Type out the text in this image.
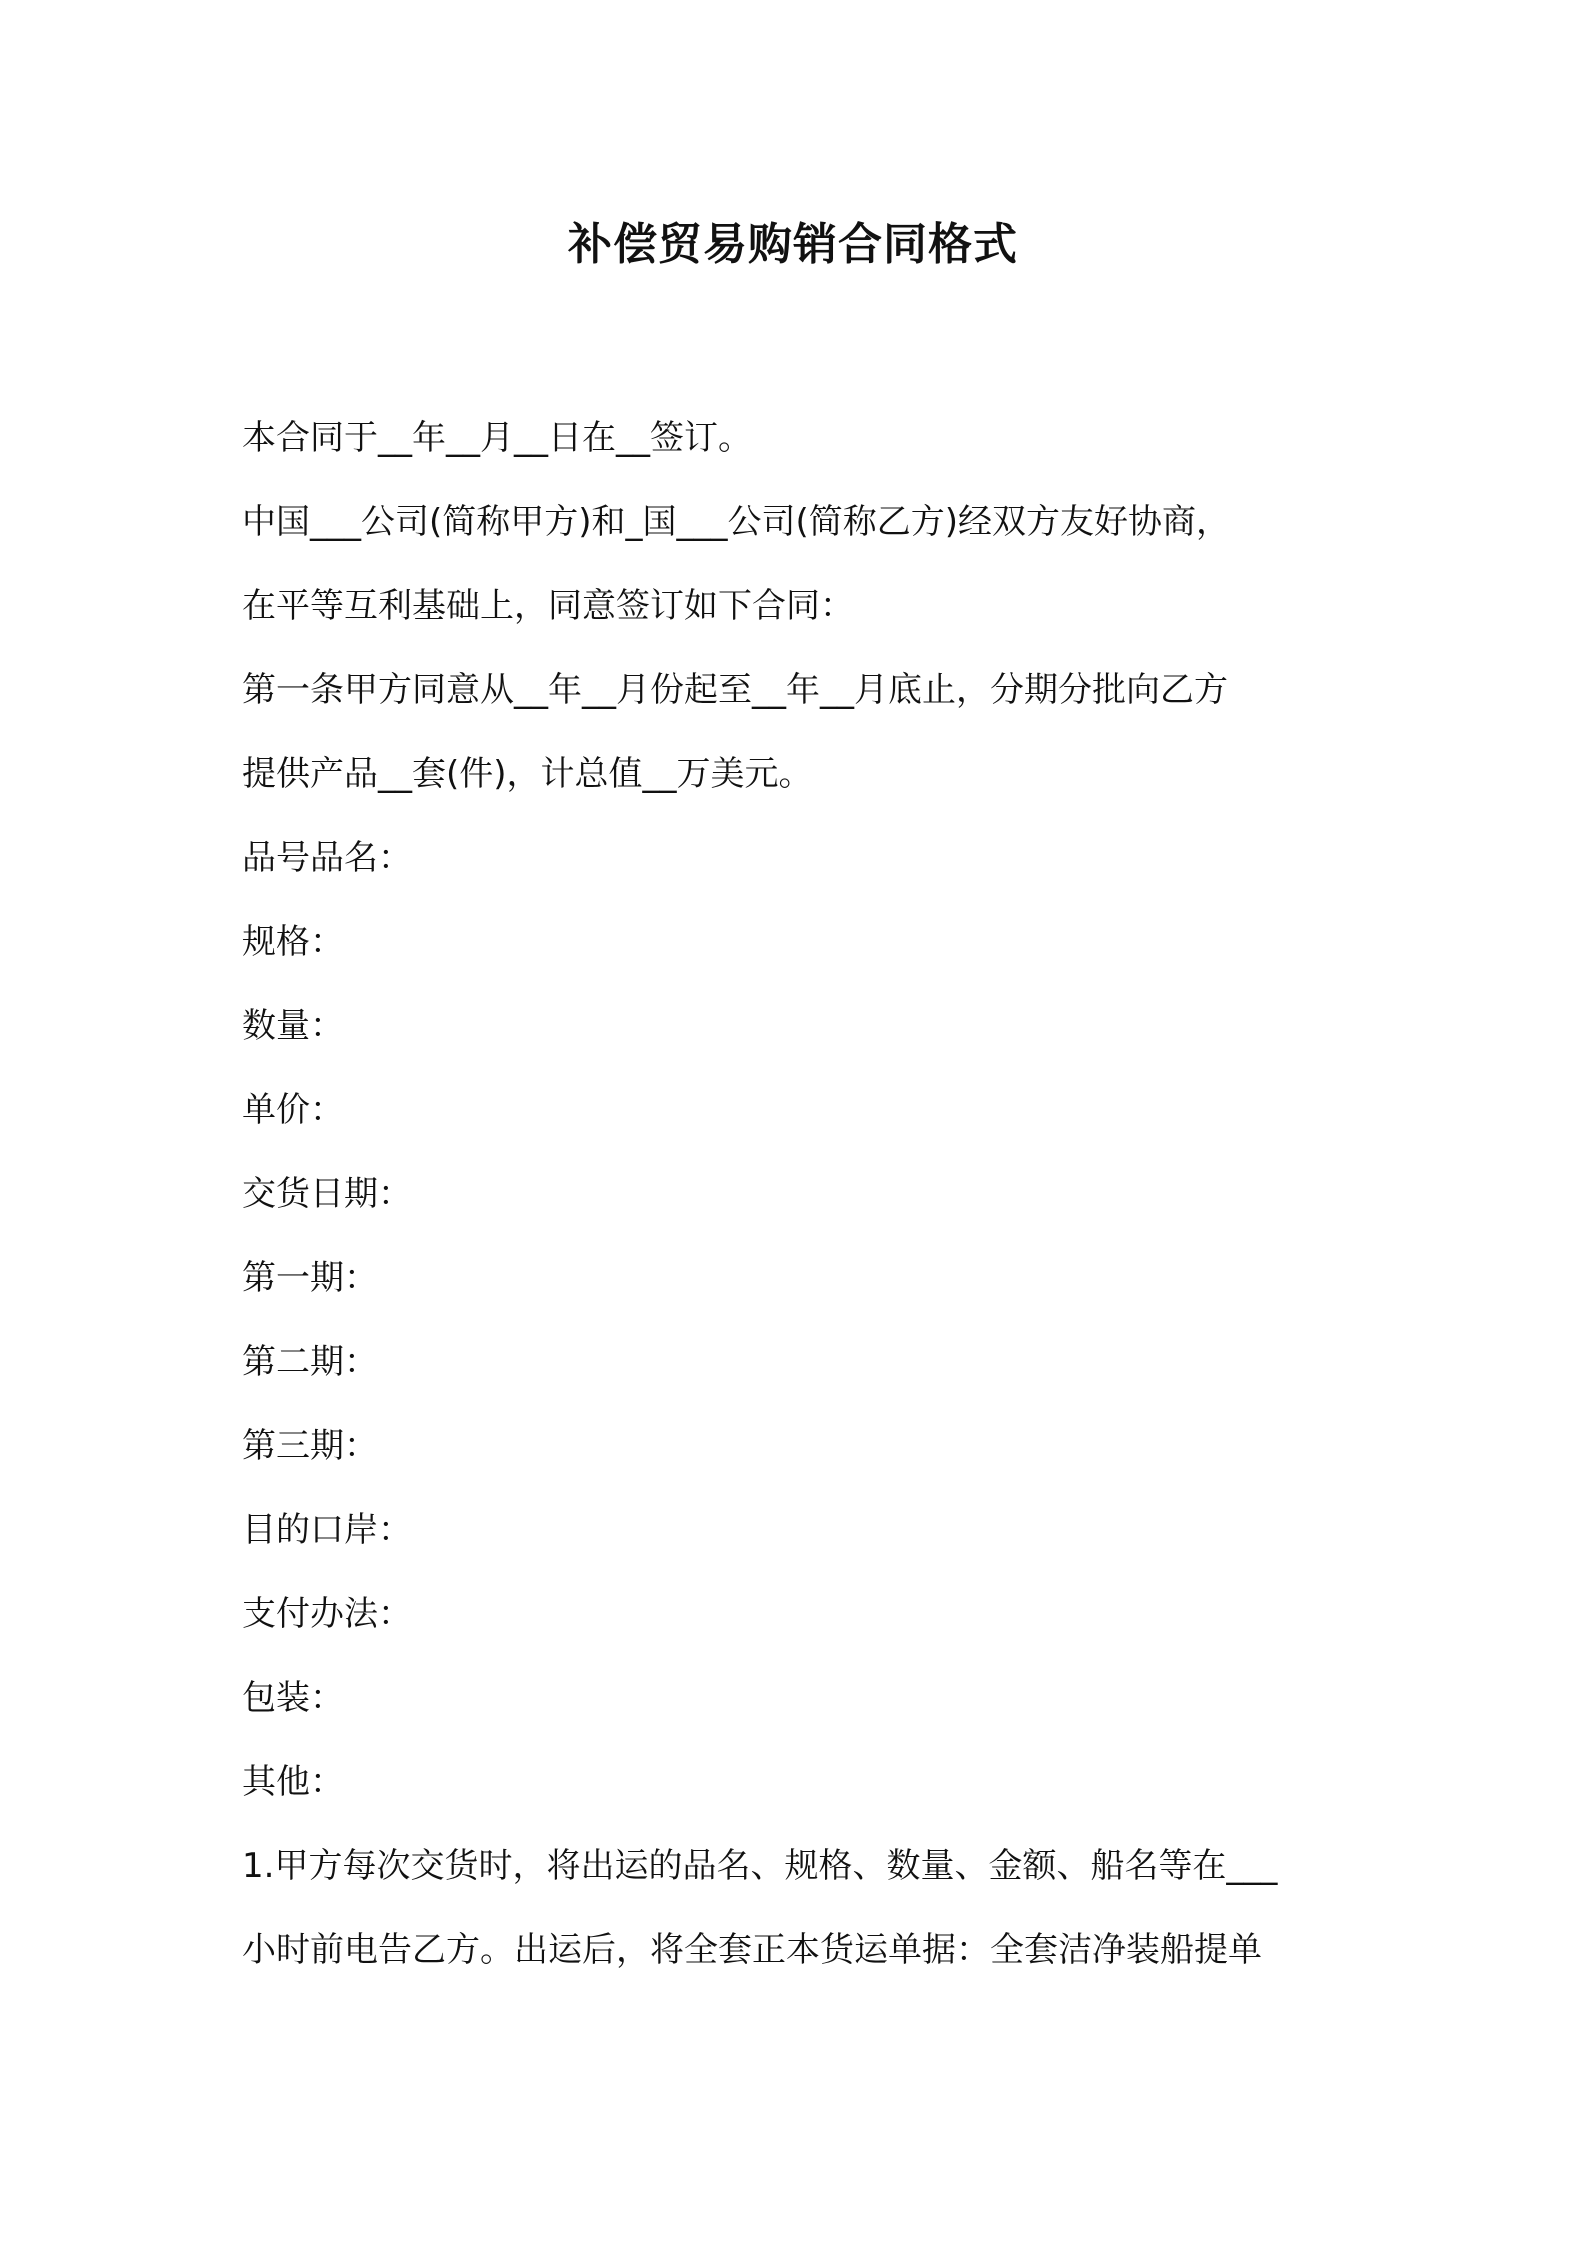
补偿贸易购销合同格式
本合同于__年__月__日在__签订。
中国___公司(简称甲方)和_国___公司(简称乙方)经双方友好协商，
在平等互利基础上，同意签订如下合同：
第一条甲方同意从__年__月份起至__年__月底止，分期分批向乙方
提供产品__套(件)，计总值__万美元。
品号品名：
规格：
数量：
单价：
交货日期：
第一期：
第二期：
第三期：
目的口岸：
支付办法：
包装：
其他：
1.甲方每次交货时，将出运的品名、规格、数量、金额、船名等在___
小时前电告乙方。出运后，将全套正本货运单据：全套洁净装船提单
